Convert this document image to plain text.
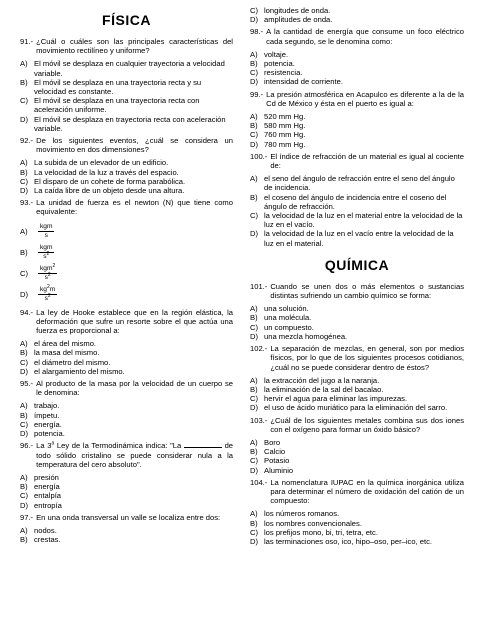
FÍSICA
91.- ¿Cuál o cuáles son las principales características del movimiento rectilíneo y uniforme?
A) El móvil se desplaza en cualquier trayectoria a velocidad variable.
B) El móvil se desplaza en una trayectoria recta y su velocidad es constante.
C) El móvil se desplaza en una trayectoria recta con aceleración uniforme.
D) El móvil se desplaza en trayectoria recta con aceleración variable.
92.- De los siguientes eventos, ¿cuál se considera un movimiento en dos dimensiones?
A) La subida de un elevador de un edificio.
B) La velocidad de la luz a través del espacio.
C) El disparo de un cohete de forma parabólica.
D) La caída libre de un objeto desde una altura.
93.- La unidad de fuerza es el newton (N) que tiene como equivalente:
A)	$\frac{\text{kgm}}{s}$
B)	$\frac{\text{kgm}}{s^2}$
C)	$\frac{kgm^2}{s^2}$
D)	$\frac{kg^2m}{s^2}$
94.- La ley de Hooke establece que en la región elástica, la deformación que sufre un resorte sobre el que actúa una fuerza es proporcional a:
A) el área del mismo.
B) la masa del mismo.
C) el diámetro del mismo.
D) el alargamiento del mismo.
95.- Al producto de la masa por la velocidad de un cuerpo se le denomina:
A) trabajo.
B) ímpetu.
C) energía.
D) potencia.
96.- La 3$^a$ Ley de la Termodinámica indica: "La	de todo sólido cristalino se puede considerar nula a la temperatura del cero absoluto".
A) presión
B) energía
C) entalpía
D) entropía
97.- En una onda transversal un valle se localiza entre dos:
A) nodos.
B) crestas.
C) longitudes de onda.
D) amplitudes de onda.
98.- A la cantidad de energía que consume un foco eléctrico cada segundo, se le denomina como:
A) voltaje.
B) potencia.
C) resistencia.
D) intensidad de corriente.
99.- La presión atmosférica en Acapulco es diferente a la de la Cd de México y ésta en el puerto es igual a:
A) 520 mm Hg.
B) 580 mm Hg.
C) 760 mm Hg.
D) 780 mm Hg.
100.- El índice de refracción de un material es igual al cociente de:
A) el seno del ángulo de refracción entre el seno del ángulo de incidencia.
B) el coseno del ángulo de incidencia entre el coseno del ángulo de refracción.
C) la velocidad de la luz en el material entre la velocidad de la luz en el vacío.
D) la velocidad de la luz en el vacío entre la velocidad de la luz en el material.
QUÍMICA
101.- Cuando se unen dos o más elementos o sustancias distintas sufriendo un cambio químico se forma:
A) una solución.
B) una molécula.
C) un compuesto.
D) una mezcla homogénea.
102.- La separación de mezclas, en general, son por medios físicos, por lo que de los siguientes procesos cotidianos, ¿cuál no se puede considerar dentro de éstos?
A) la extracción del jugo a la naranja.
B) la eliminación de la sal del bacalao.
C) hervir el agua para eliminar las impurezas.
D) el uso de ácido muriático para la eliminación del sarro.
103.- ¿Cuál de los siguientes metales combina sus dos iones con el oxígeno para formar un óxido básico?
A) Boro
B) Calcio
C) Potasio
D) Aluminio
104.- La nomenclatura IUPAC en la química inorgánica utiliza para determinar el número de oxidación del catión de un compuesto:
A) los números romanos.
B) los nombres convencionales.
C) los prefijos mono, bi, tri, tetra, etc.
D) las terminaciones oso, ico, hipo–oso, per–ico, etc.
